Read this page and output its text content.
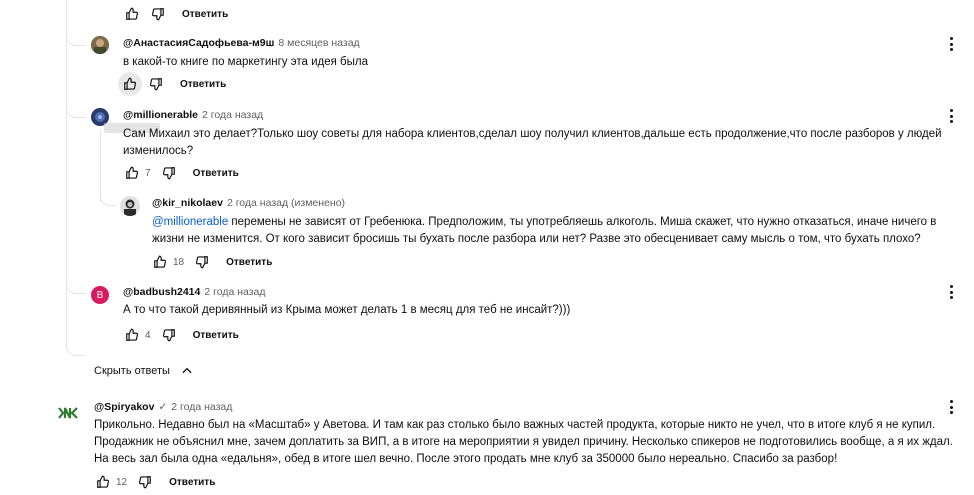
Ответить
@АнастасияСадофьева-м9ш 8 месяцев назад
в какой-то книге по маркетингу эта идея была
Ответить
@millionerable 2 года назад
Сам Михаил это делает?Только шоу советы для набора клиентов,сделал шоу получил клиентов,дальше есть продолжение,что после разборов у людей изменилось?
7	Ответить
@kir_nikolaev 2 года назад (изменено)
@millionerable перемены не зависят от Гребенюка. Предположим, ты употребляешь алкоголь. Миша скажет, что нужно отказаться, иначе ничего в жизни не изменится. От кого зависит бросишь ты бухать после разбора или нет? Разве это обесценивает саму мысль о том, что бухать плохо?
18	Ответить
B @badbush2414 2 года назад
А то что такой деривянный из Крыма может делать 1 в месяц для теб не инсайт?)))
4	Ответить
Скрыть ответы
@Spiryakov ✓ 2 года назад
Прикольно. Недавно был на «Масштаб» у Аветова. И там как раз столько было важных частей продукта, которые никто не учел, что в итоге клуб я не купил. Продажник не объяснил мне, зачем доплатить за ВИП, а в итоге на мероприятии я увидел причину. Несколько спикеров не подготовились вообще, а я их ждал. На весь зал была одна «едальня», обед в итоге шел вечно. После этого продать мне клуб за 350000 было нереально. Спасибо за разбор!
12	Ответить
